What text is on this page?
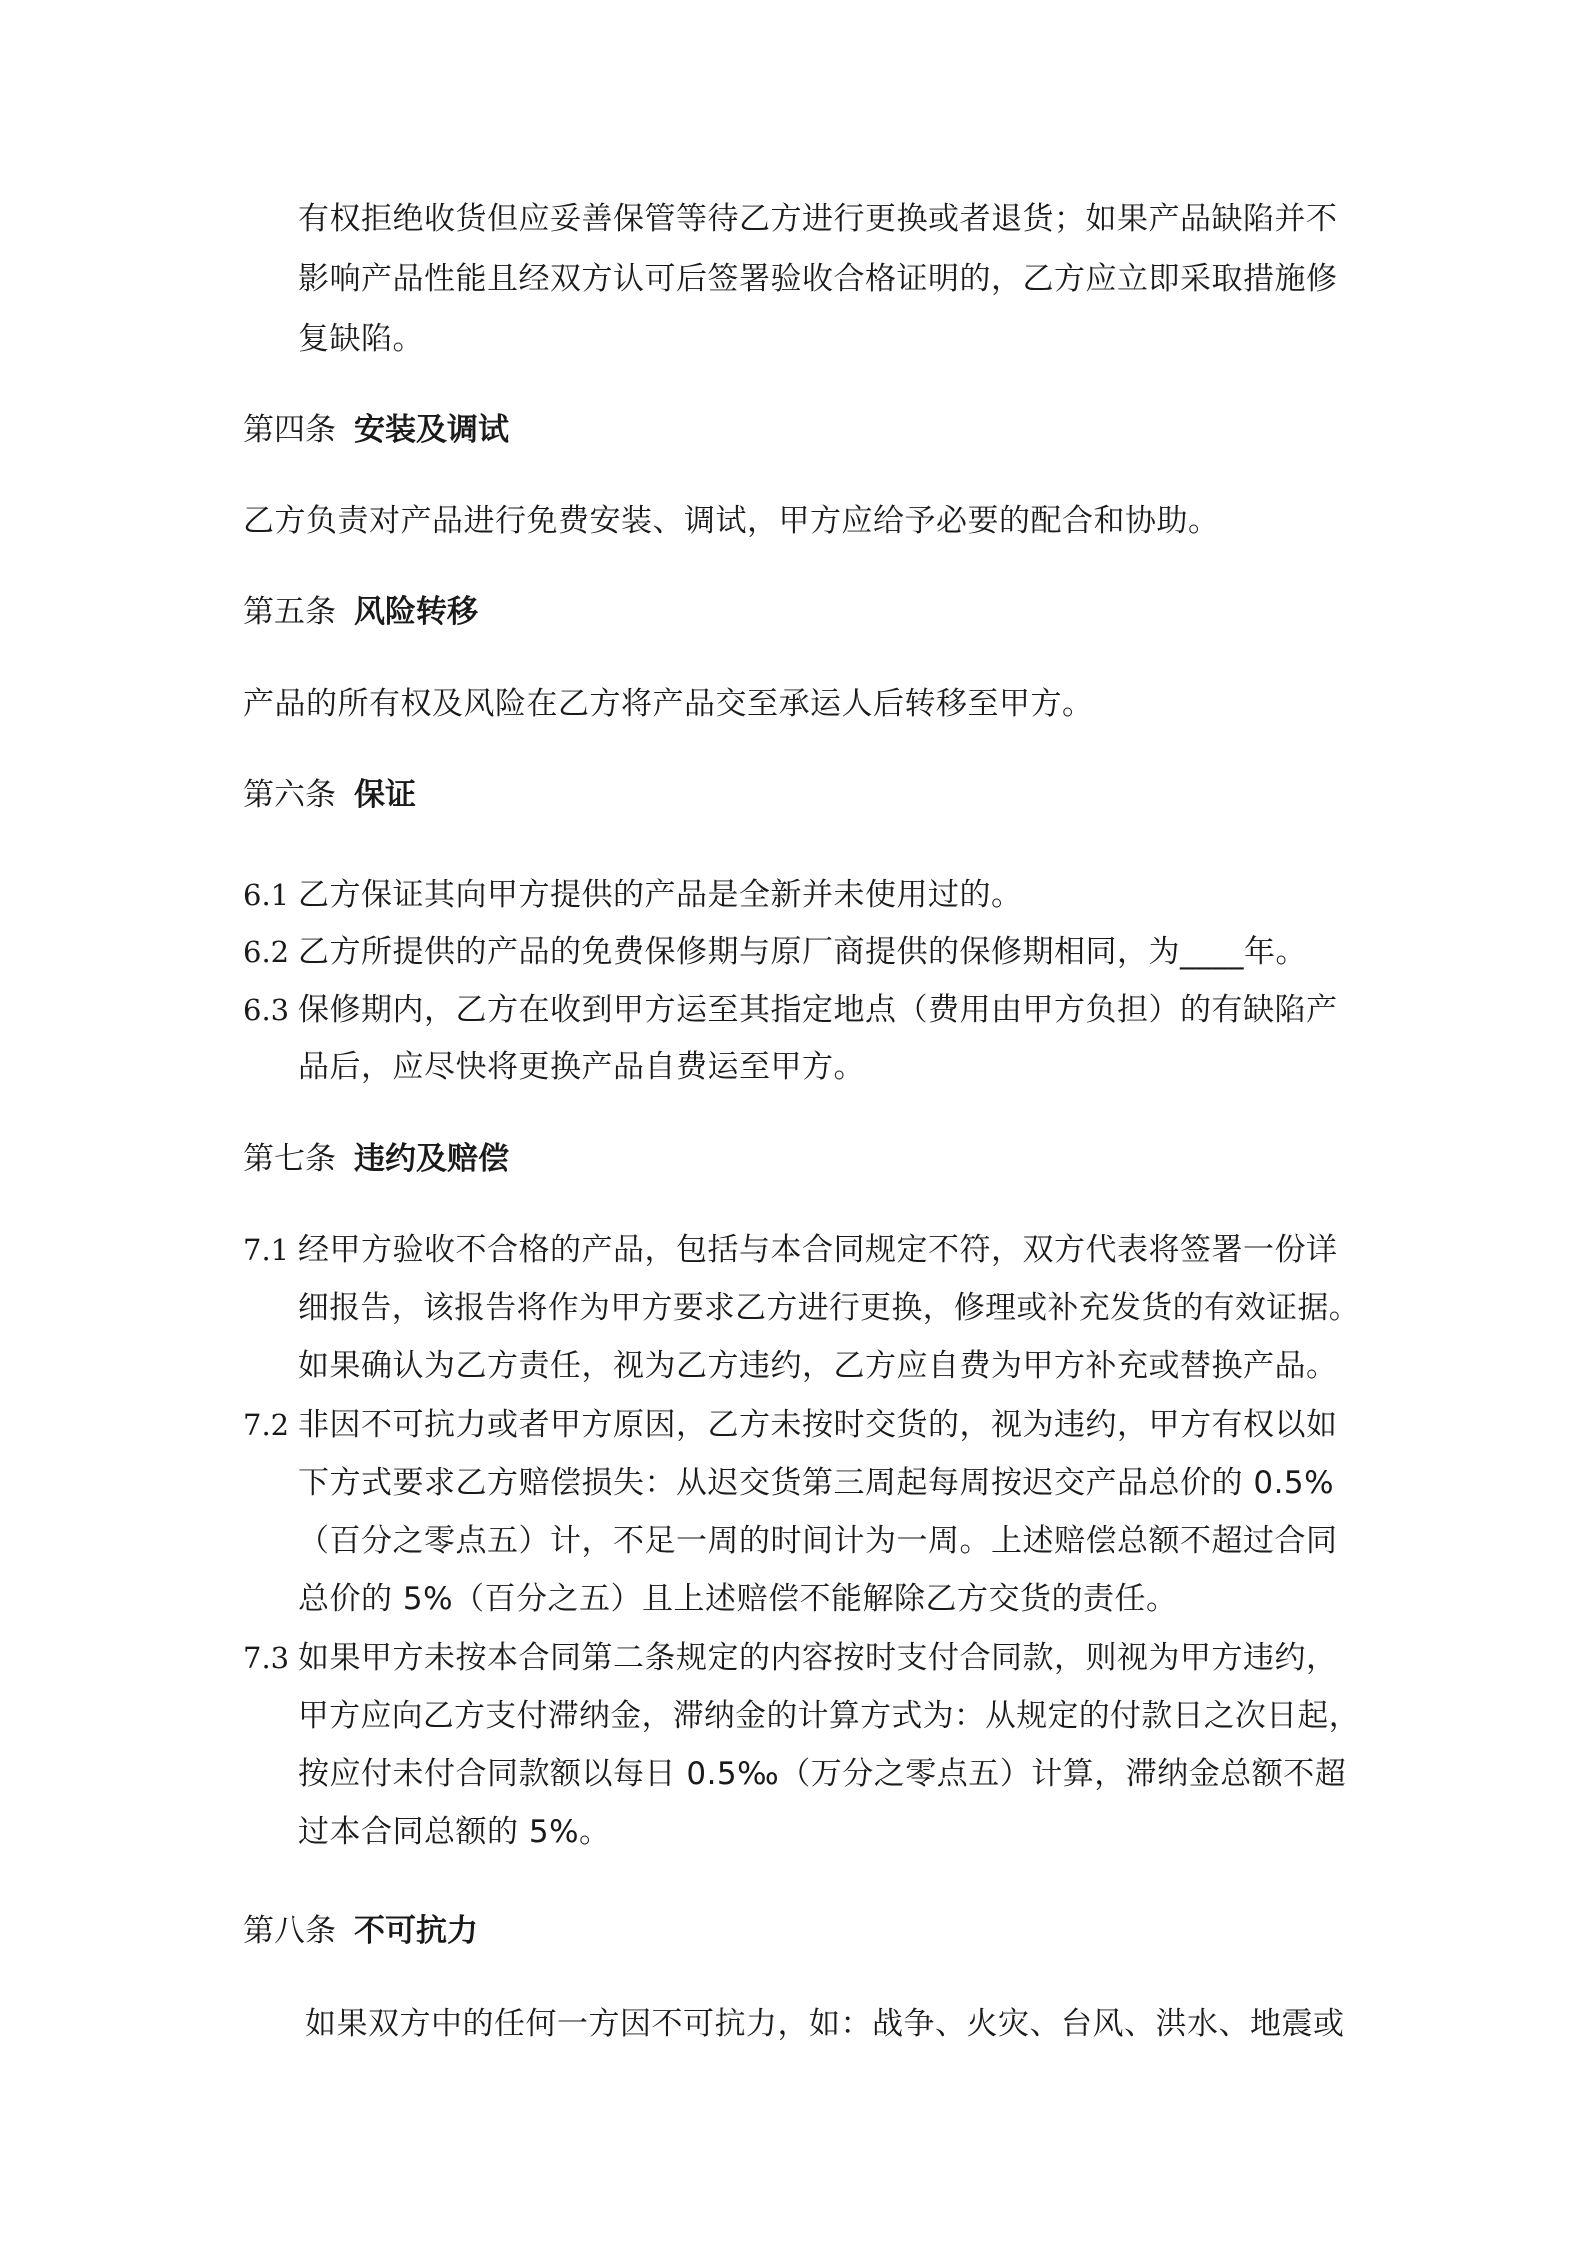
有权拒绝收货但应妥善保管等待乙方进行更换或者退货；如果产品缺陷并不
影响产品性能且经双方认可后签署验收合格证明的，乙方应立即采取措施修
复缺陷。
第四条 安装及调试
乙方负责对产品进行免费安装、调试，甲方应给予必要的配合和协助。
第五条 风险转移
产品的所有权及风险在乙方将产品交至承运人后转移至甲方。
第六条 保证
6.1 乙方保证其向甲方提供的产品是全新并未使用过的。
6.2 乙方所提供的产品的免费保修期与原厂商提供的保修期相同，为____年。
6.3 保修期内，乙方在收到甲方运至其指定地点（费用由甲方负担）的有缺陷产
品后，应尽快将更换产品自费运至甲方。
第七条 违约及赔偿
7.1 经甲方验收不合格的产品，包括与本合同规定不符，双方代表将签署一份详
细报告，该报告将作为甲方要求乙方进行更换，修理或补充发货的有效证据。
如果确认为乙方责任，视为乙方违约，乙方应自费为甲方补充或替换产品。
7.2 非因不可抗力或者甲方原因，乙方未按时交货的，视为违约，甲方有权以如
下方式要求乙方赔偿损失：从迟交货第三周起每周按迟交产品总价的 0.5%
（百分之零点五）计，不足一周的时间计为一周。上述赔偿总额不超过合同
总价的 5%（百分之五）且上述赔偿不能解除乙方交货的责任。
7.3 如果甲方未按本合同第二条规定的内容按时支付合同款，则视为甲方违约，
甲方应向乙方支付滞纳金，滞纳金的计算方式为：从规定的付款日之次日起，
按应付未付合同款额以每日 0.5‰（万分之零点五）计算，滞纳金总额不超
过本合同总额的 5%。
第八条 不可抗力
如果双方中的任何一方因不可抗力，如：战争、火灾、台风、洪水、地震或
